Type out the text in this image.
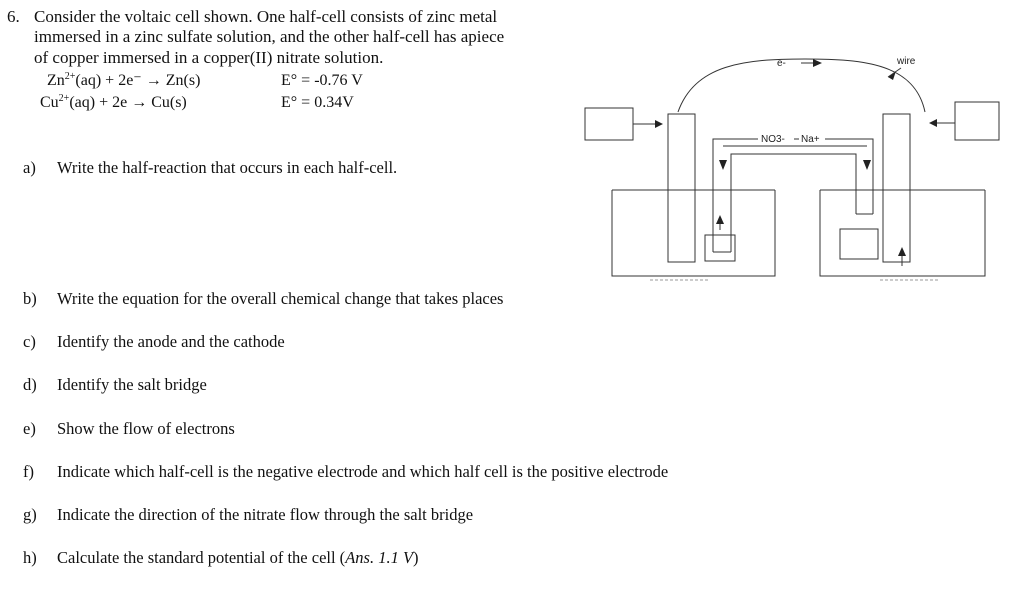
6. Consider the voltaic cell shown. One half-cell consists of zinc metal
immersed in a zinc sulfate solution, and the other half-cell has apiece
of copper immersed in a copper(II) nitrate solution.
$Zn^{2+}(aq) + 2e^- \to Zn(s)$	E° = -0.76 V
$Cu^{2+}(aq) + 2e \to Cu(s)$	E° = 0.34V
a) Write the half-reaction that occurs in each half-cell.
b) Write the equation for the overall chemical change that takes places
c) Identify the anode and the cathode
d) Identify the salt bridge
e) Show the flow of electrons
f) Indicate which half-cell is the negative electrode and which half cell is the positive electrode
g) Indicate the direction of the nitrate flow through the salt bridge
h) Calculate the standard potential of the cell (Ans. 1.1 V)
e-	wire
NO3- Na+
